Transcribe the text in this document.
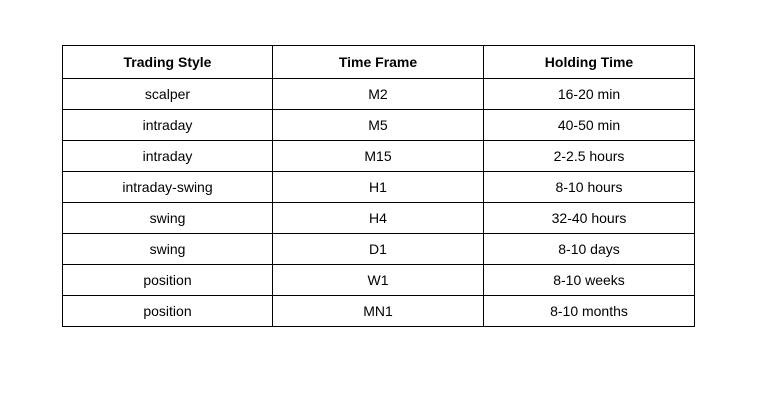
Trading Style	Time Frame	Holding Time
scalper	M2	16-20 min
intraday	M5	40-50 min
intraday	M15	2-2.5 hours
intraday-swing	H1	8-10 hours
swing	H4	32-40 hours
swing	D1	8-10 days
position	W1	8-10 weeks
position	MN1	8-10 months
